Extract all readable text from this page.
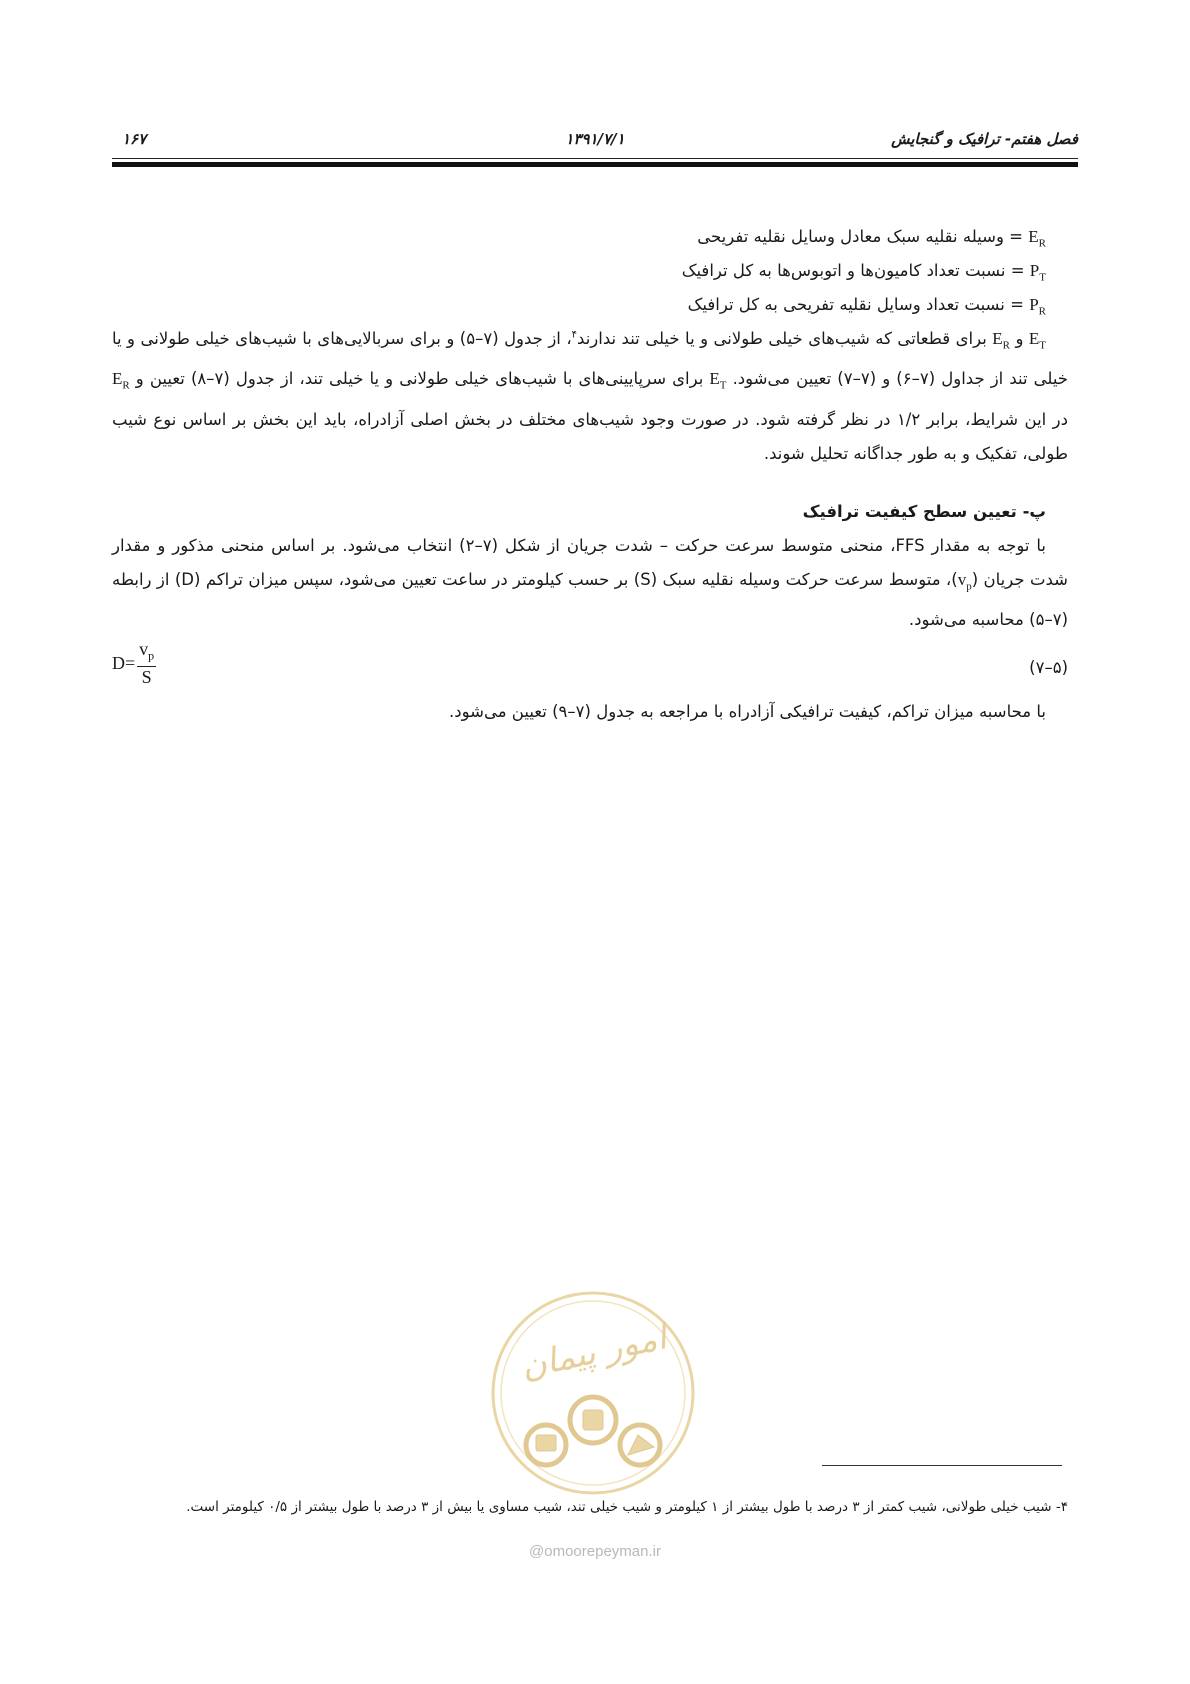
فصل هفتم- ترافیک و گنجایش
۱۳۹۱/۷/۱
۱۶۷
$E_R$ = وسیله نقلیه سبک معادل وسایل نقلیه تفریحی
$P_T$ = نسبت تعداد کامیون‌ها و اتوبوس‌ها به کل ترافیک
$P_R$ = نسبت تعداد وسایل نقلیه تفریحی به کل ترافیک

$E_T$ و $E_R$ برای قطعاتی که شیب‌های خیلی طولانی و یا خیلی تند ندارند$^۴$، از جدول (۷–۵) و برای سربالایی‌های با شیب‌های خیلی طولانی و یا خیلی تند از جداول (۷–۶) و (۷–۷) تعیین می‌شود. $E_T$ برای سرپایینی‌های با شیب‌های خیلی طولانی و یا خیلی تند، از جدول (۷–۸) تعیین و $E_R$ در این شرایط، برابر ۱/۲ در نظر گرفته شود. در صورت وجود شیب‌های مختلف در بخش اصلی آزادراه، باید این بخش بر اساس نوع شیب طولی، تفکیک و به طور جداگانه تحلیل شوند.

پ- تعیین سطح کیفیت ترافیک

با توجه به مقدار FFS، منحنی متوسط سرعت حرکت – شدت جریان از شکل (۷–۲) انتخاب می‌شود. بر اساس منحنی مذکور و مقدار شدت جریان $(v_p)،$ متوسط سرعت حرکت وسیله نقلیه سبک (S) بر حسب کیلومتر در ساعت تعیین می‌شود، سپس میزان تراکم (D) از رابطه (۷–۵) محاسبه می‌شود.

$D= \frac{v_p}{S}$	(۵–۷)

با محاسبه میزان تراکم، کیفیت ترافیکی آزادراه با مراجعه به جدول (۷–۹) تعیین می‌شود.

امور پیمان
@omoorepeyman.ir
۴- شیب خیلی طولانی، شیب کمتر از ۳ درصد با طول بیشتر از ۱ کیلومتر و شیب خیلی تند، شیب مساوی یا بیش از ۳ درصد با طول بیشتر از ۰/۵ کیلومتر است.
